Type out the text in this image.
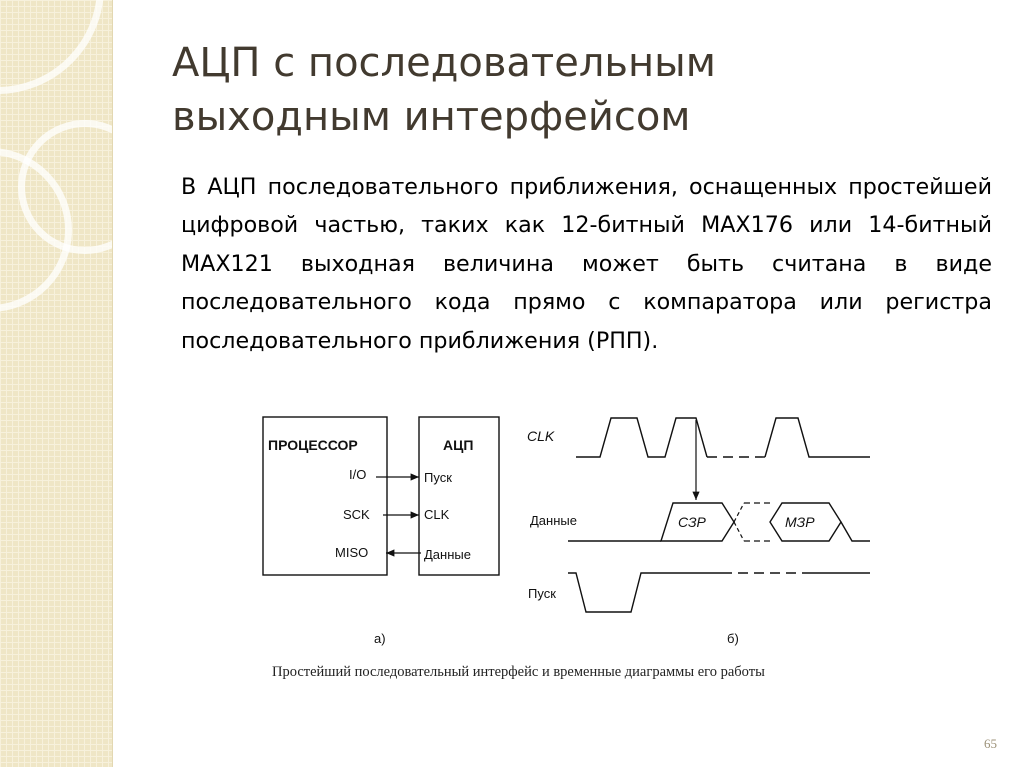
АЦП с последовательным
выходным интерфейсом

В АЦП последовательного приближения, оснащенных простейшей цифровой частью, таких как 12-битный MAX176 или 14-битный MAX121 выходная величина может быть считана в виде последовательного кода прямо с компаратора или регистра последовательного приближения (РПП).

ПРОЦЕССОР	АЦП
I/O
SCK
MISO
Пуск
CLK
Данные
а)
CLK
Данные
Пуск
СЗР	МЗР
б)

Простейший последовательный интерфейс и временные диаграммы его работы

65
